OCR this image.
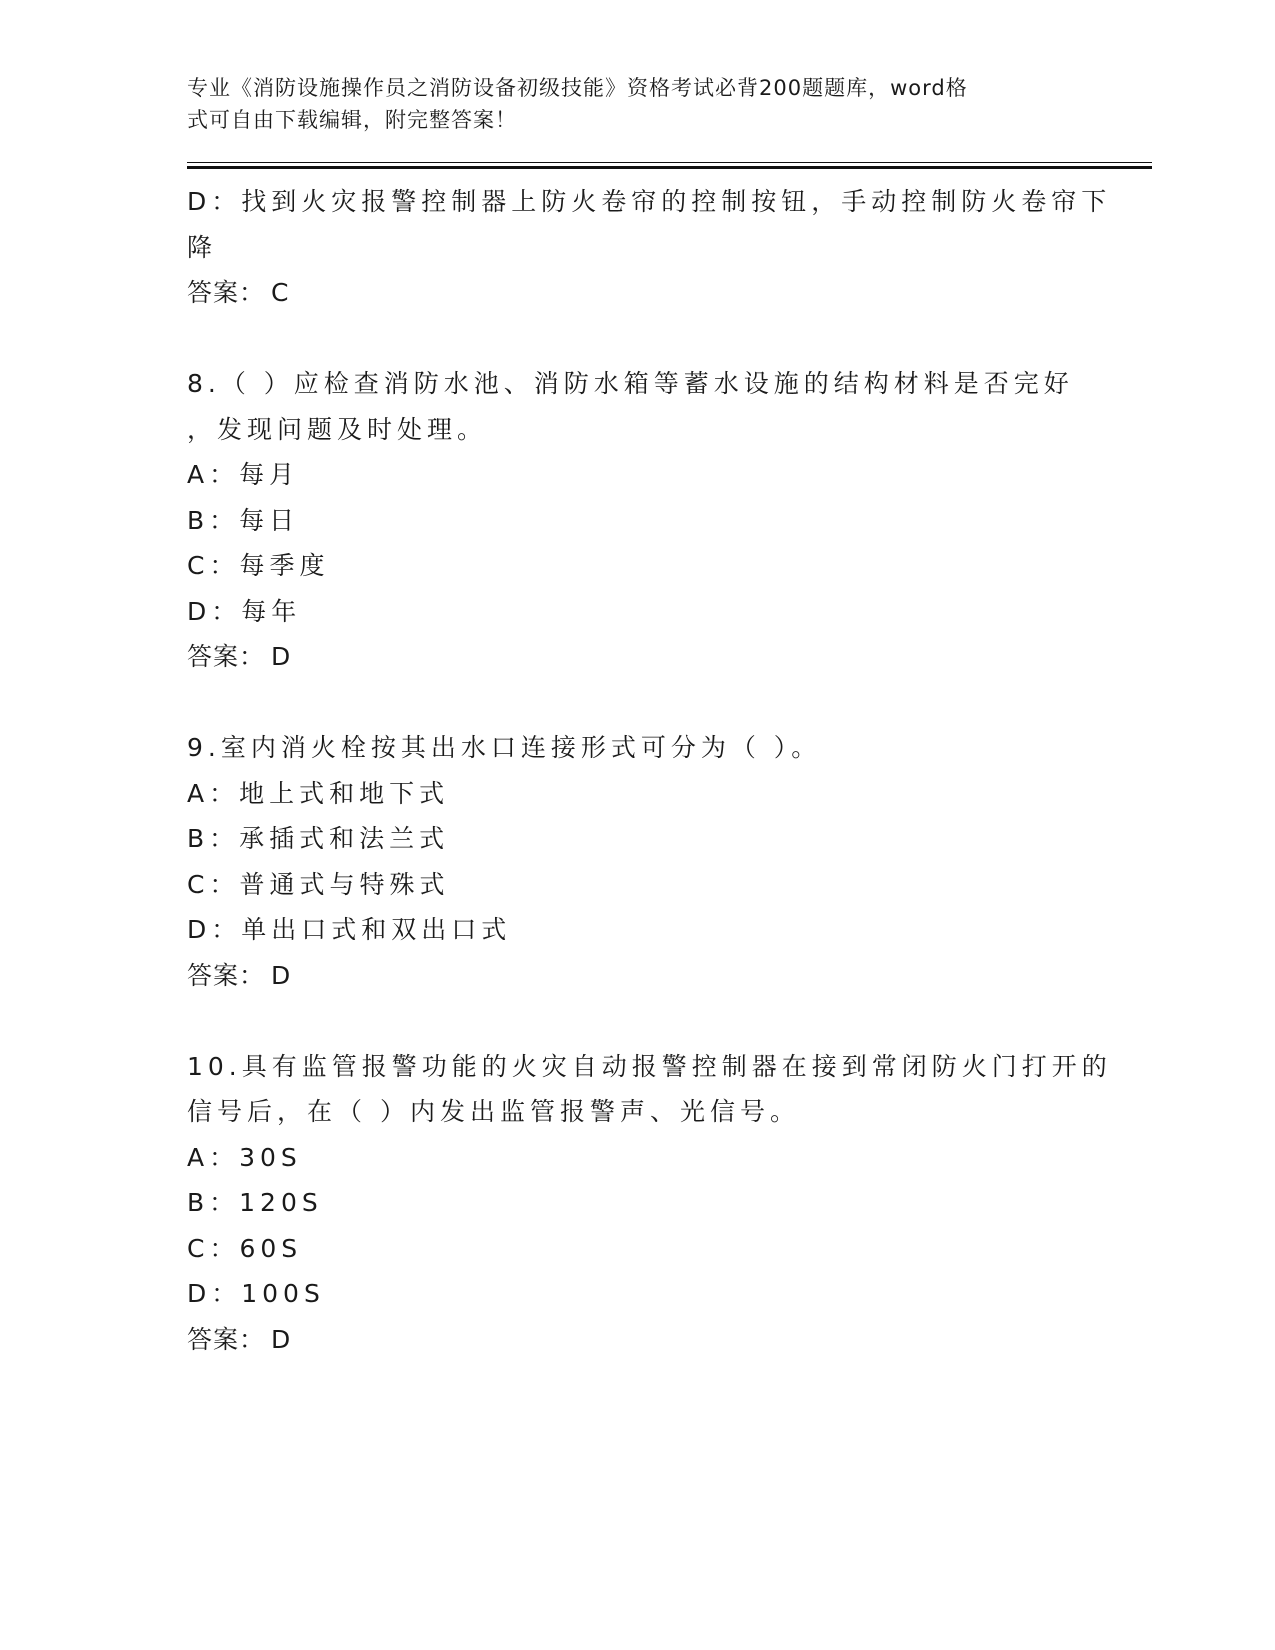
专业《消防设施操作员之消防设备初级技能》资格考试必背200题题库，word格
式可自由下载编辑，附完整答案！
D：找到火灾报警控制器上防火卷帘的控制按钮，手动控制防火卷帘下
降
答案： C
8.（ ）应检查消防水池、消防水箱等蓄水设施的结构材料是否完好
，发现问题及时处理。
A：每月
B：每日
C：每季度
D：每年
答案： D
9.室内消火栓按其出水口连接形式可分为（ ）。
A：地上式和地下式
B：承插式和法兰式
C：普通式与特殊式
D：单出口式和双出口式
答案： D
10.具有监管报警功能的火灾自动报警控制器在接到常闭防火门打开的
信号后，在（ ）内发出监管报警声、光信号。
A：30S
B：120S
C：60S
D：100S
答案： D
